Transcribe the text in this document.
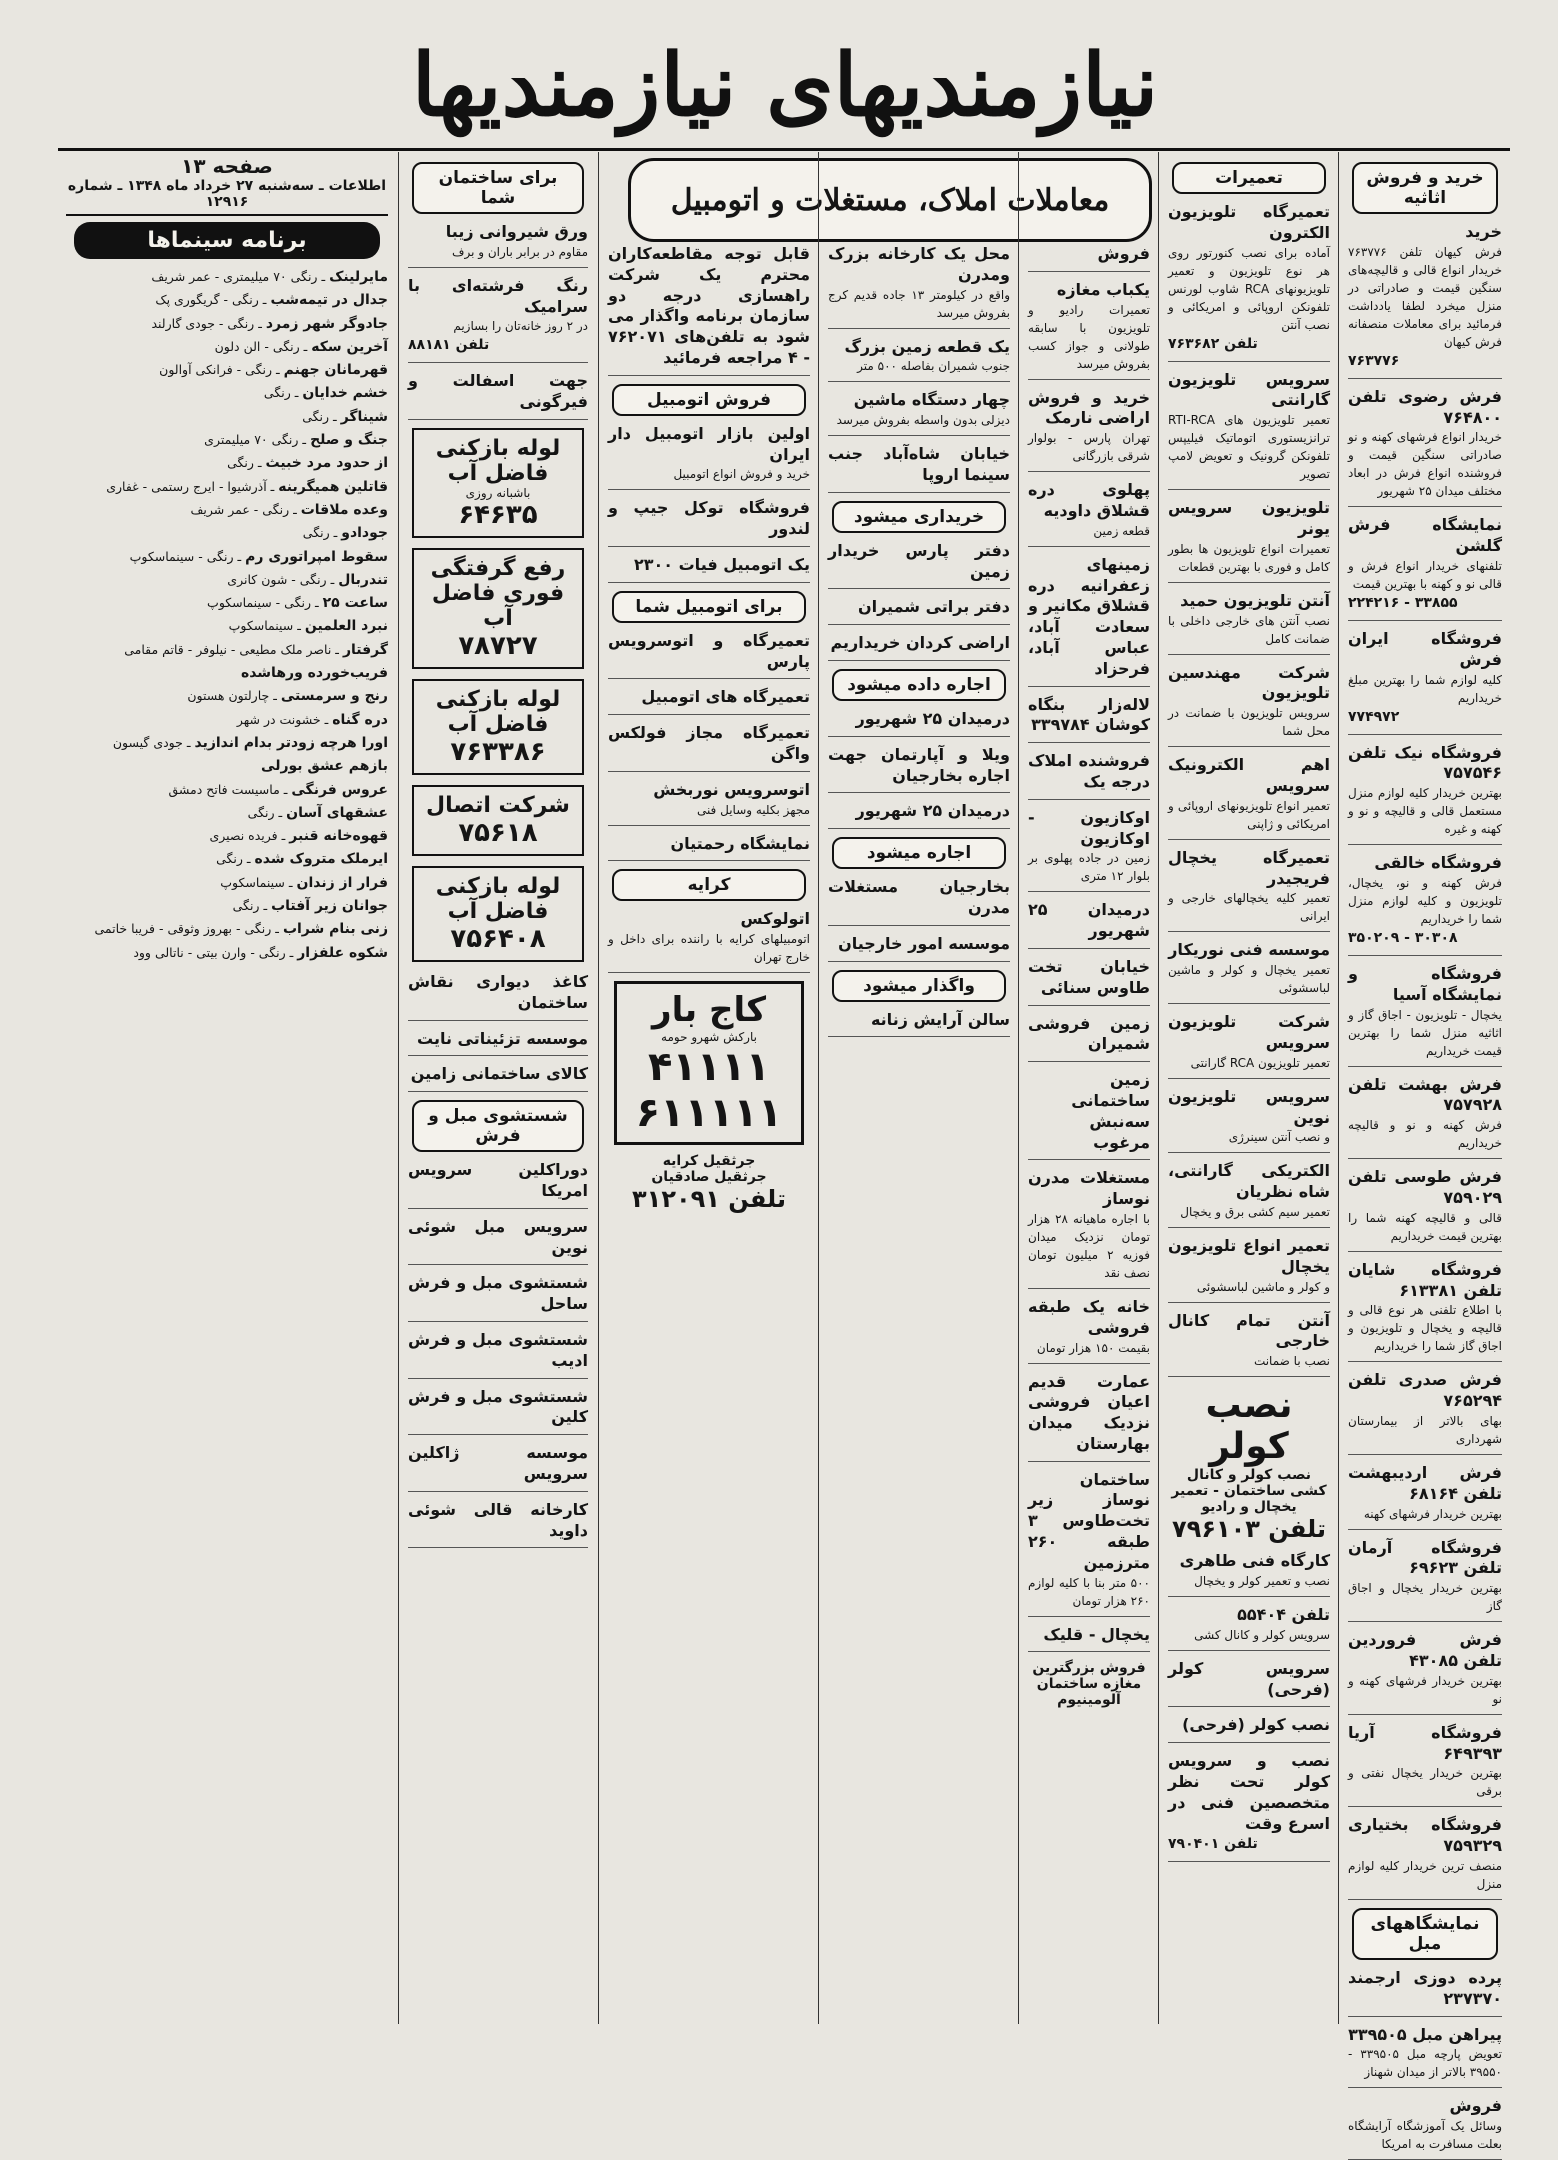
نیازمندیهای نیازمندیها
معاملات املاک، مستغلات و اتومبیل
خرید و فروش اثاثیه
خرید
فرش کیهان تلفن ۷۶۳۷۷۶ خریدار انواع قالی و قالیچه‌های سنگین قیمت و صادراتی در منزل میخرد لطفا یادداشت فرمائید برای معاملات منصفانه فرش کیهان
۷۶۳۷۷۶
فرش رضوی تلفن ۷۶۴۸۰۰
خریدار انواع فرشهای کهنه و نو صادراتی سنگین قیمت و فروشنده انواع فرش در ابعاد مختلف میدان ۲۵ شهریور
نمایشگاه فرش گلشن
تلفنهای خریدار انواع فرش و قالی نو و کهنه با بهترین قیمت
۲۲۴۲۱۶ - ۳۳۸۵۵
فروشگاه ایران فرش
کلیه لوازم شما را بهترین مبلغ خریداریم
۷۷۴۹۷۲
فروشگاه نیک تلفن ۷۵۷۵۴۶
بهترین خریدار کلیه لوازم منزل مستعمل قالی و قالیچه و نو و کهنه و غیره
فروشگاه خالقی
فرش کهنه و نو، یخچال، تلویزیون و کلیه لوازم منزل شما را خریداریم
۳۵۰۲۰۹ - ۳۰۳۰۸
فروشگاه و نمایشگاه آسیا
یخچال - تلویزیون - اجاق گاز و اثاثیه منزل شما را بهترین قیمت خریداریم
فرش بهشت تلفن ۷۵۷۹۲۸
فرش کهنه و نو و قالیچه خریداریم
فرش طوسی تلفن ۷۵۹۰۲۹
قالی و قالیچه کهنه شما را بهترین قیمت خریداریم
فروشگاه شایان تلفن ۶۱۳۳۸۱
با اطلاع تلفنی هر نوع قالی و قالیچه و یخچال و تلویزیون و اجاق گاز شما را خریداریم
فرش صدری تلفن ۷۶۵۲۹۴
بهای بالاتر از بیمارستان شهرداری
فرش اردیبهشت تلفن ۶۸۱۶۴
بهترین خریدار فرشهای کهنه
فروشگاه آرمان تلفن ۶۹۶۲۳
بهترین خریدار یخچال و اجاق گاز
فرش فروردین تلفن ۴۳۰۸۵
بهترین خریدار فرشهای کهنه و نو
فروشگاه آریا ۶۴۹۳۹۳
بهترین خریدار یخچال نفتی و برقی
فروشگاه بختیاری ۷۵۹۳۲۹
منصف ترین خریدار کلیه لوازم منزل
نمایشگاههای مبل
پرده دوزی ارجمند ۲۳۷۳۷۰
پیراهن مبل ۳۳۹۵۰۵
تعویض پارچه مبل ۳۳۹۵۰۵ - ۳۹۵۵۰ بالاتر از میدان شهناز
فروش
وسائل یک آموزشگاه آرایشگاه بعلت مسافرت به امریکا
تعمیرات
تعمیرگاه تلویزیون الکترون
آماده برای نصب کنورتور روی هر نوع تلویزیون و تعمیر تلویزیونهای RCA شاوب لورنس تلفونکن اروپائی و امریکائی و نصب آنتن
تلفن ۷۶۳۶۸۲
سرویس تلویزیون گارانتی
تعمیر تلویزیون های RTI-RCA ترانزیستوری اتوماتیک فیلیپس تلفونکن گرونیک و تعویض لامپ تصویر
تلویزیون سرویس یونر
تعمیرات انواع تلویزیون ها بطور کامل و فوری با بهترین قطعات
آنتن تلویزیون حمید
نصب آنتن های خارجی داخلی با ضمانت کامل
شرکت مهندسین تلویزیون
سرویس تلویزیون با ضمانت در محل شما
اهم الکترونیک سرویس
تعمیر انواع تلویزیونهای اروپائی و امریکائی و ژاپنی
تعمیرگاه یخچال فریجیدر
تعمیر کلیه یخچالهای خارجی و ایرانی
موسسه فنی نوریکار
تعمیر یخچال و کولر و ماشین لباسشوئی
شرکت تلویزیون سرویس
تعمیر تلویزیون RCA گارانتی
سرویس تلویزیون نوین
و نصب آنتن سینرژی
الکتریکی گارانتی، شاه نظریان
تعمیر سیم کشی برق و یخچال
تعمیر انواع تلویزیون یخچال
و کولر و ماشین لباسشوئی
آنتن تمام کانال خارجی
نصب با ضمانت
نصب کولر
نصب کولر و کانال کشی ساختمان - تعمیر یخچال و رادیو
تلفن ۷۹۶۱۰۳
کارگاه فنی طاهری
نصب و تعمیر کولر و یخچال
تلفن ۵۵۴۰۴
سرویس کولر و کانال کشی
سرویس کولر (فرحی)
نصب کولر (فرحی)
نصب و سرویس کولر تحت نظر متخصصین فنی در اسرع وقت
تلفن ۷۹۰۴۰۱
فروش
یکباب مغازه
تعمیرات رادیو و تلویزیون با سابقه طولانی و جواز کسب بفروش میرسد
خرید و فروش اراضی نارمک
تهران پارس - بولوار شرقی بازرگانی
پهلوی دره قشلاق داودیه
قطعه زمین
زمینهای زعفرانیه دره قشلاق مکانیر و سعادت آباد، عباس آباد، فرحزاد
لاله‌زار بنگاه کوشان ۳۳۹۷۸۴
فروشنده املاک درجه یک
اوکازیون - اوکازیون
زمین در جاده پهلوی بر بلوار ۱۲ متری
درمیدان ۲۵ شهریور
خیابان تخت طاوس سنائی
زمین فروشی شمیران
زمین ساختمانی سه‌نبش مرغوب
مستغلات مدرن نوساز
با اجاره ماهیانه ۲۸ هزار تومان نزدیک میدان فوزیه ۲ میلیون تومان نصف نقد
خانه یک طبقه فروشی
بقیمت ۱۵۰ هزار تومان
عمارت قدیم اعیان فروشی نزدیک میدان بهارستان
ساختمان نوساز زیر تخت‌طاوس ۳ طبقه ۲۶۰ مترزمین
۵۰۰ متر بنا با کلیه لوازم ۲۶۰ هزار تومان
یخچال - قلیک
فروش بزرگترین مغازه ساختمان آلومینیوم
محل یک کارخانه بزرک ومدرن
واقع در کیلومتر ۱۳ جاده قدیم کرج بفروش میرسد
یک قطعه زمین بزرگ
جنوب شمیران بفاصله ۵۰۰ متر
چهار دستگاه ماشین
دیزلی بدون واسطه بفروش میرسد
خیابان شاه‌آباد جنب سینما اروپا
خریداری میشود
دفتر پارس خریدار زمین
دفتر براتی شمیران
اراضی کردان خریداریم
اجاره داده میشود
درمیدان ۲۵ شهریور
ویلا و آپارتمان جهت اجاره بخارجیان
درمیدان ۲۵ شهریور
اجاره میشود
بخارجیان مستغلات مدرن
موسسه امور خارجیان
واگذار میشود
سالن آرایش زنانه
قابل توجه مقاطعه‌کاران محترم یک شرکت راهسازی درجه دو سازمان برنامه واگذار می شود به تلفن‌های ۷۶۲۰۷۱ - ۴ مراجعه فرمائید
فروش اتومبیل
اولین بازار اتومبیل دار ایران
خرید و فروش انواع اتومبیل
فروشگاه توکل جیپ و لندور
یک اتومبیل فیات ۲۳۰۰
برای اتومبیل شما
تعمیرگاه و اتوسرویس پارس
تعمیرگاه های اتومبیل
تعمیرگاه مجاز فولکس واگن
اتوسرویس نوربخش
مجهز بکلیه وسایل فنی
نمایشگاه رحمتیان
کرایه
اتولوکس
اتومبیلهای کرایه با راننده برای داخل و خارج تهران
کاج بار
بارکش شهرو حومه
۴۱۱۱۱
۶۱۱۱۱۱
جرثقیل کرایه
جرثقیل صادقیان
تلفن ۳۱۲۰۹۱
برای ساختمان شما
ورق شیروانی زیبا
مقاوم در برابر باران و برف
رنگ فرشته‌ای با سرامیک
در ۲ روز خانه‌تان را بسازیم
تلفن ۸۸۱۸۱
جهت اسفالت و فیرگونی
لوله بازکنی فاضل آب
باشبانه روزی
۶۴۶۳۵
رفع گرفتگی فوری فاضل آب
۷۸۷۲۷
لوله بازکنی فاضل آب
۷۶۳۳۸۶
شرکت اتصال
۷۵۶۱۸
لوله بازکنی فاضل آب
۷۵۶۴۰۸
کاغذ دیواری نقاش ساختمان
موسسه تزئیناتی نایت
کالای ساختمانی زامین
شستشوی مبل و فرش
دوراکلین سرویس امریکا
سرویس مبل شوئی نوین
شستشوی مبل و فرش ساحل
شستشوی مبل و فرش ادیب
شستشوی مبل و فرش کلین
موسسه ژاکلین سرویس
کارخانه قالی شوئی داوید
صفحه ۱۳
اطلاعات ـ سه‌شنبه ۲۷ خرداد ماه ۱۳۴۸ ـ شماره ۱۲۹۱۶
برنامه سینماها
مایرلینک ـ رنگی ۷۰ میلیمتری - عمر شریف
جدال در تیمه‌شب ـ رنگی - گریگوری پک
جادوگر شهر زمرد ـ رنگی - جودی گارلند
آخرین سکه ـ رنگی - الن دلون
قهرمانان جهنم ـ رنگی - فرانکی آوالون
خشم خدایان ـ رنگی
شیناگر ـ رنگی
جنگ و صلح ـ رنگی ۷۰ میلیمتری
از حدود مرد خبیث ـ رنگی
قاتلین همیگرینه ـ آذرشیوا - ایرج رستمی - غفاری
وعده ملاقات ـ رنگی - عمر شریف
جودادو ـ رنگی
سقوط امپراتوری رم ـ رنگی - سینماسکوپ
تندربال ـ رنگی - شون کانری
ساعت ۲۵ ـ رنگی - سینماسکوپ
نبرد العلمین ـ سینماسکوپ
گرفتار ـ ناصر ملک مطیعی - نیلوفر - قاتم مقامی
فریب‌خورده ورهاشده
رنج و سرمستی ـ چارلتون هستون
دره گناه ـ خشونت در شهر
اورا هرچه زودتر بدام اندازید ـ جودی گیسون
بازهم عشق بورلی
عروس فرنگی ـ ماسیست فاتح دمشق
عشقهای آسان ـ رنگی
قهوه‌خانه قنبر ـ فریده نصیری
ایرملک متروک شده ـ رنگی
فرار از زندان ـ سینماسکوپ
جوانان زیر آفتاب ـ رنگی
زنی بنام شراب ـ رنگی - بهروز وثوقی - فریبا خاتمی
شکوه علفزار ـ رنگی - وارن بیتی - ناتالی وود
